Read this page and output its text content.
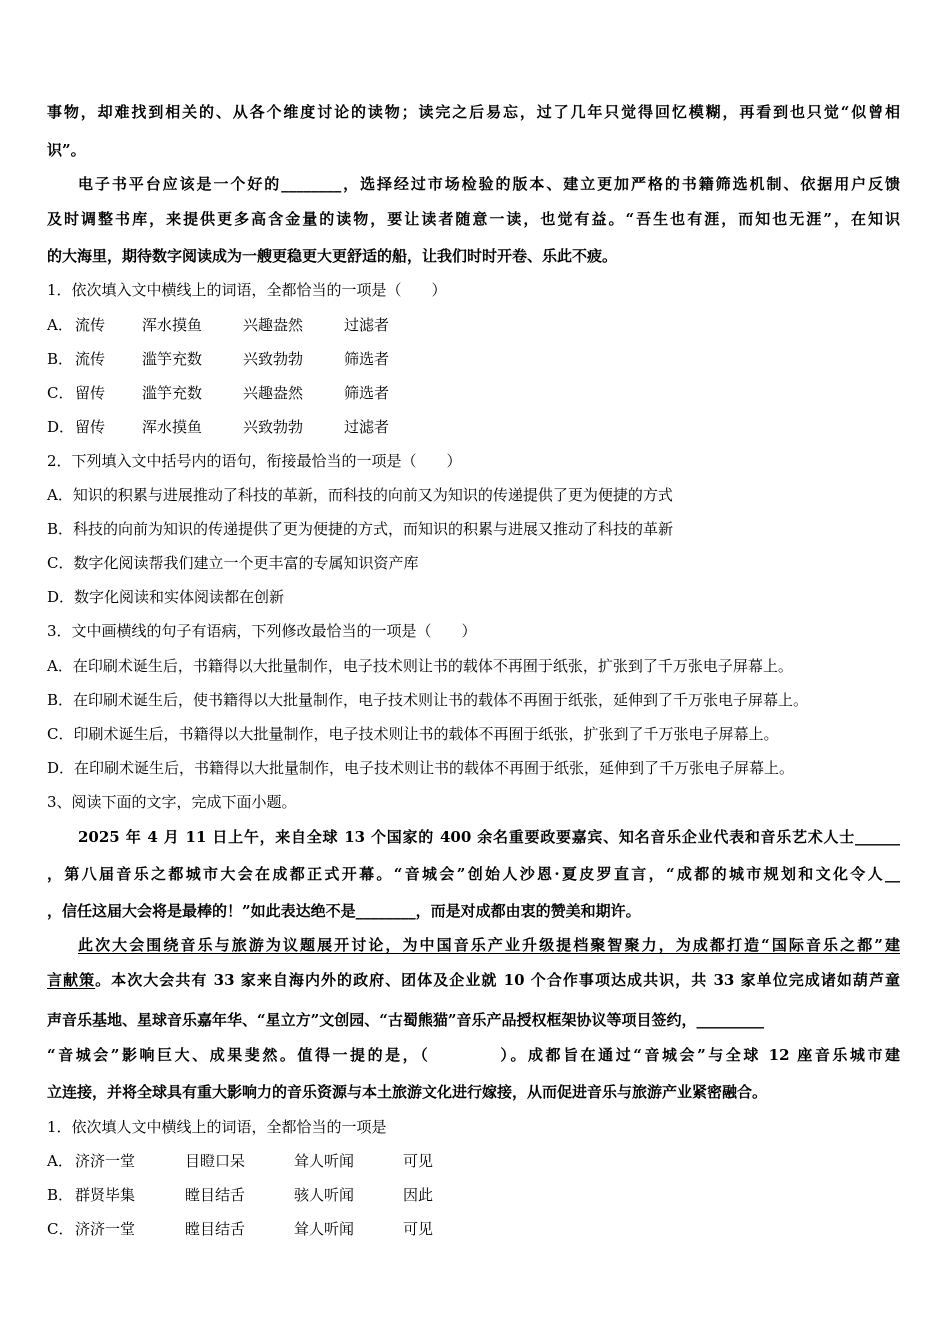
事物，却难找到相关的、从各个维度讨论的读物；读完之后易忘，过了几年只觉得回忆模糊，再看到也只觉“似曾相
识”。
电子书平台应该是一个好的________，选择经过市场检验的版本、建立更加严格的书籍筛选机制、依据用户反馈
及时调整书库，来提供更多高含金量的读物，要让读者随意一读，也觉有益。“吾生也有涯，而知也无涯”，在知识
的大海里，期待数字阅读成为一艘更稳更大更舒适的船，让我们时时开卷、乐此不疲。
1．依次填入文中横线上的词语，全都恰当的一项是（　　）
A． 流传 浑水摸鱼	兴趣盎然	过滤者
B． 流传 滥竽充数	兴致勃勃	筛选者
C． 留传 滥竽充数	兴趣盎然	筛选者
D．留传 浑水摸鱼	兴致勃勃	过滤者
2．下列填入文中括号内的语句，衔接最恰当的一项是（　　）
A．知识的积累与进展推动了科技的革新，而科技的向前又为知识的传递提供了更为便捷的方式
B．科技的向前为知识的传递提供了更为便捷的方式，而知识的积累与进展又推动了科技的革新
C．数字化阅读帮我们建立一个更丰富的专属知识资产库
D．数字化阅读和实体阅读都在创新
3．文中画横线的句子有语病，下列修改最恰当的一项是（　　）
A．在印刷术诞生后，书籍得以大批量制作，电子技术则让书的载体不再囿于纸张，扩张到了千万张电子屏幕上。
B．在印刷术诞生后，使书籍得以大批量制作，电子技术则让书的载体不再囿于纸张，延伸到了千万张电子屏幕上。
C．印刷术诞生后，书籍得以大批量制作，电子技术则让书的载体不再囿于纸张，扩张到了千万张电子屏幕上。
D．在印刷术诞生后，书籍得以大批量制作，电子技术则让书的载体不再囿于纸张，延伸到了千万张电子屏幕上。
3、阅读下面的文字，完成下面小题。
2025 年 4 月 11 日上午，来自全球 13 个国家的 400 余名重要政要嘉宾、知名音乐企业代表和音乐艺术人士______
，第八届音乐之都城市大会在成都正式开幕。“音城会”创始人沙恩·夏皮罗直言，“成都的城市规划和文化令人__
，信任这届大会将是最棒的！”如此表达绝不是________，而是对成都由衷的赞美和期许。
此次大会围绕音乐与旅游为议题展开讨论，为中国音乐产业升级提档聚智聚力，为成都打造“国际音乐之都”建
言献策。本次大会共有 33 家来自海内外的政府、团体及企业就 10 个合作事项达成共识，共 33 家单位完成诸如葫芦童
声音乐基地、星球音乐嘉年华、“星立方”文创园、“古蜀熊猫”音乐产品授权框架协议等项目签约，_________
“音城会”影响巨大、成果斐然。值得一提的是，（　　　　）。成都旨在通过“音城会”与全球 12 座音乐城市建
立连接，并将全球具有重大影响力的音乐资源与本土旅游文化进行嫁接，从而促进音乐与旅游产业紧密融合。
1．依次填人文中横线上的词语，全都恰当的一项是
A． 济济一堂	目瞪口呆	耸人听闻	可见
B． 群贤毕集	瞠目结舌	骇人听闻	因此
C． 济济一堂	瞠目结舌	耸人听闻	可见
